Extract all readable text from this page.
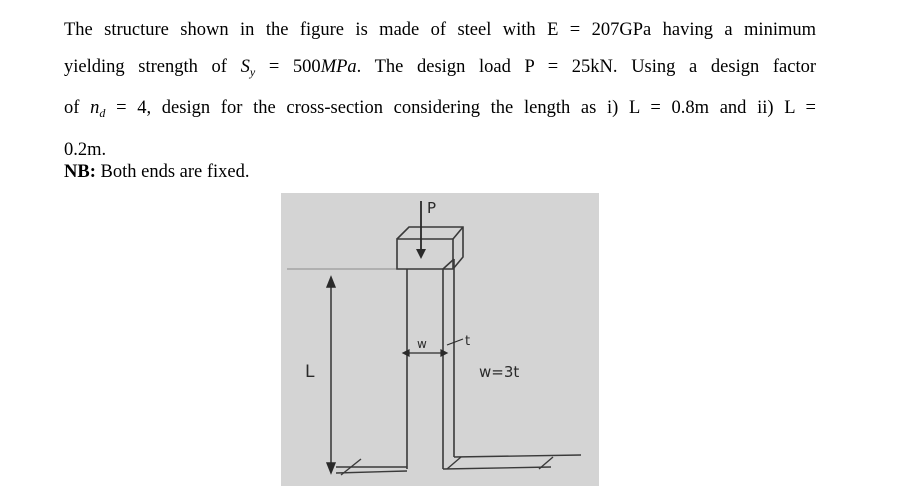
The structure shown in the figure is made of steel with E = 207GPa having a minimum
yielding strength of $S_y = 500MPa$. The design load P = 25kN. Using a design factor
of $n_d = 4$, design for the cross-section considering the length as i) L = 0.8m and ii) L =
0.2m.
NB: Both ends are fixed.
P
L
w	t
w=3t
